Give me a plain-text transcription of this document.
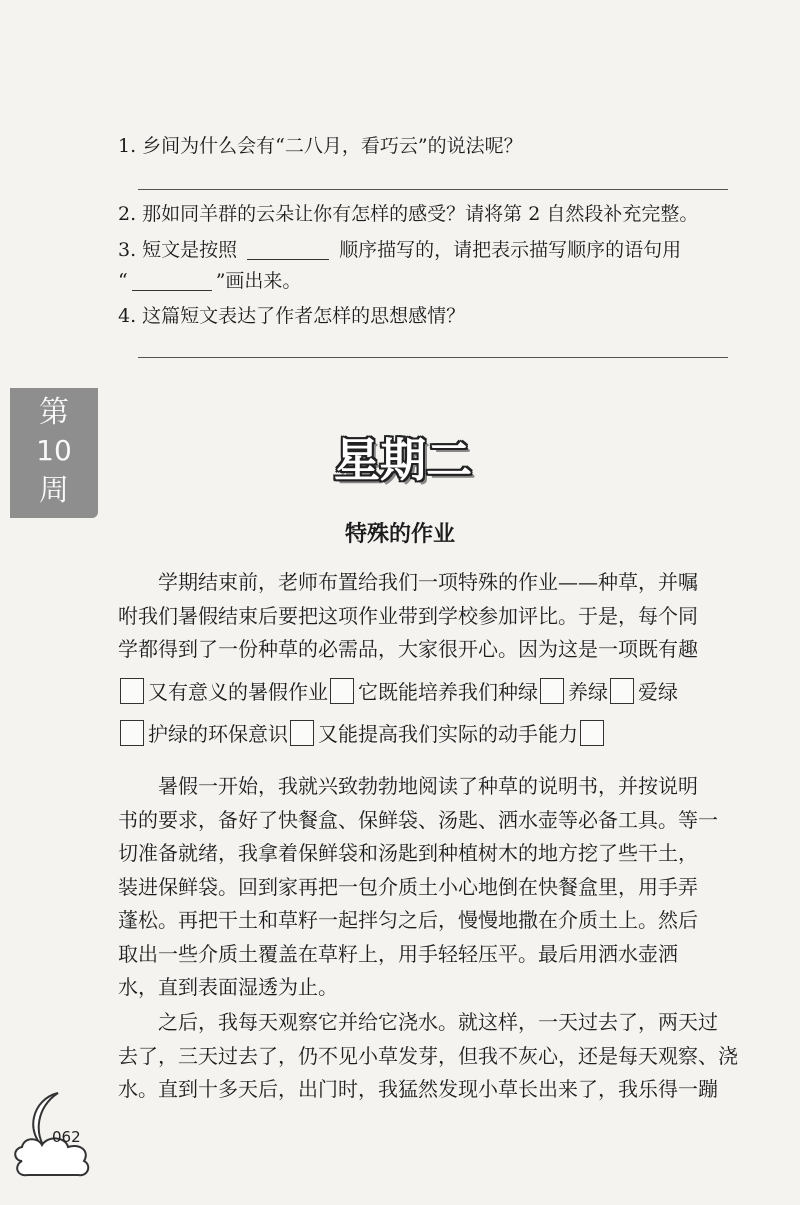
1. 乡间为什么会有“二八月，看巧云”的说法呢？
2. 那如同羊群的云朵让你有怎样的感受？请将第 2 自然段补充完整。
3. 短文是按照	顺序描写的，请把表示描写顺序的语句用
“	”画出来。
4. 这篇短文表达了作者怎样的思想感情？
第
10
周
星期二
特殊的作业
学期结束前，老师布置给我们一项特殊的作业——种草，并嘱
咐我们暑假结束后要把这项作业带到学校参加评比。于是，每个同
学都得到了一份种草的必需品，大家很开心。因为这是一项既有趣
又有意义的暑假作业 它既能培养我们种绿 养绿 爱绿
护绿的环保意识 又能提高我们实际的动手能力
暑假一开始，我就兴致勃勃地阅读了种草的说明书，并按说明
书的要求，备好了快餐盒、保鲜袋、汤匙、洒水壶等必备工具。等一
切准备就绪，我拿着保鲜袋和汤匙到种植树木的地方挖了些干土，
装进保鲜袋。回到家再把一包介质土小心地倒在快餐盒里，用手弄
蓬松。再把干土和草籽一起拌匀之后，慢慢地撒在介质土上。然后
取出一些介质土覆盖在草籽上，用手轻轻压平。最后用洒水壶洒
水，直到表面湿透为止。
之后，我每天观察它并给它浇水。就这样，一天过去了，两天过
去了，三天过去了，仍不见小草发芽，但我不灰心，还是每天观察、浇
水。直到十多天后，出门时，我猛然发现小草长出来了，我乐得一蹦
062
